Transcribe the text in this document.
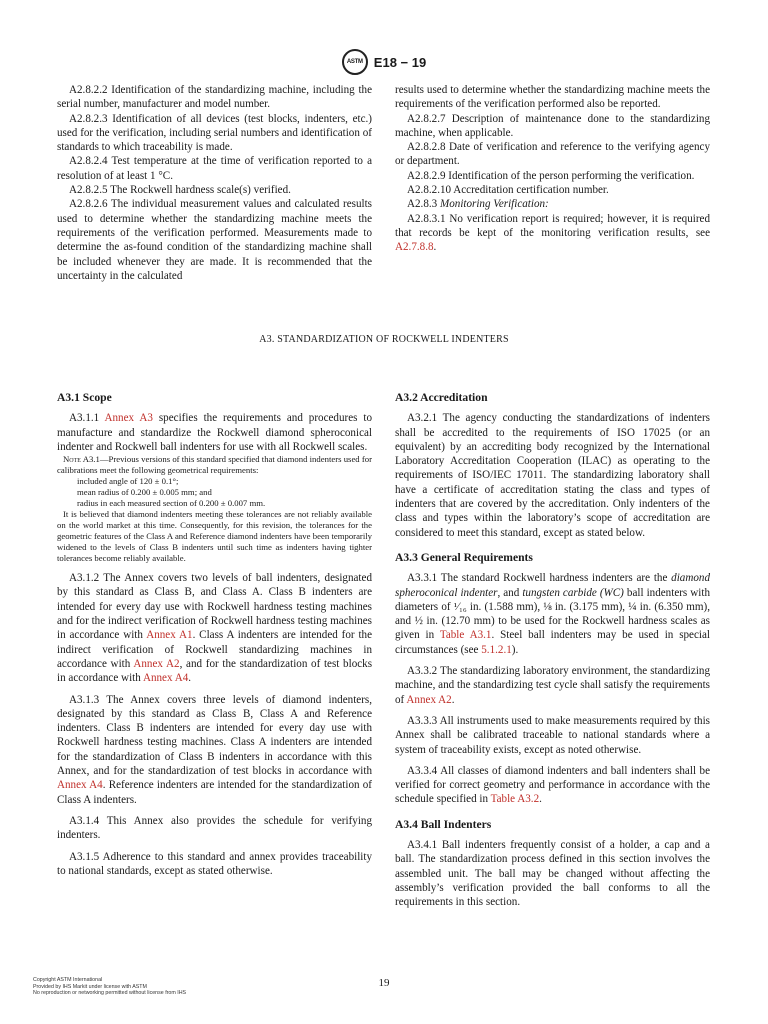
ASTM E18 − 19

A2.8.2.2 Identification of the standardizing machine, including the serial number, manufacturer and model number.

A2.8.2.3 Identification of all devices (test blocks, indenters, etc.) used for the verification, including serial numbers and identification of standards to which traceability is made.

A2.8.2.4 Test temperature at the time of verification reported to a resolution of at least 1 °C.

A2.8.2.5 The Rockwell hardness scale(s) verified.

A2.8.2.6 The individual measurement values and calculated results used to determine whether the standardizing machine meets the requirements of the verification performed. Measurements made to determine the as-found condition of the standardizing machine shall be included whenever they are made. It is recommended that the uncertainty in the calculated

results used to determine whether the standardizing machine meets the requirements of the verification performed also be reported.

A2.8.2.7 Description of maintenance done to the standardizing machine, when applicable.

A2.8.2.8 Date of verification and reference to the verifying agency or department.

A2.8.2.9 Identification of the person performing the verification.

A2.8.2.10 Accreditation certification number.

A2.8.3 Monitoring Verification:

A2.8.3.1 No verification report is required; however, it is required that records be kept of the monitoring verification results, see A2.7.8.8.

A3. STANDARDIZATION OF ROCKWELL INDENTERS
A3.1 Scope

A3.1.1 Annex A3 specifies the requirements and procedures to manufacture and standardize the Rockwell diamond spheroconical indenter and Rockwell ball indenters for use with all Rockwell scales.

Note A3.1—Previous versions of this standard specified that diamond indenters used for calibrations meet the following geometrical requirements:

included angle of 120 ± 0.1°;

mean radius of 0.200 ± 0.005 mm; and

radius in each measured section of 0.200 ± 0.007 mm.

It is believed that diamond indenters meeting these tolerances are not reliably available on the world market at this time. Consequently, for this revision, the tolerances for the geometric features of the Class A and Reference diamond indenters have been temporarily widened to the levels of Class B indenters until such time as indenters having tighter tolerances become reliably available.

A3.1.2 The Annex covers two levels of ball indenters, designated by this standard as Class B, and Class A. Class B indenters are intended for every day use with Rockwell hardness testing machines and for the indirect verification of Rockwell hardness testing machines in accordance with Annex A1. Class A indenters are intended for the indirect verification of Rockwell standardizing machines in accordance with Annex A2, and for the standardization of test blocks in accordance with Annex A4.

A3.1.3 The Annex covers three levels of diamond indenters, designated by this standard as Class B, Class A and Reference indenters. Class B indenters are intended for every day use with Rockwell hardness testing machines. Class A indenters are intended for the standardization of Class B indenters in accordance with this Annex, and for the standardization of test blocks in accordance with Annex A4. Reference indenters are intended for the standardization of Class A indenters.

A3.1.4 This Annex also provides the schedule for verifying indenters.

A3.1.5 Adherence to this standard and annex provides traceability to national standards, except as stated otherwise.

A3.2 Accreditation

A3.2.1 The agency conducting the standardizations of indenters shall be accredited to the requirements of ISO 17025 (or an equivalent) by an accrediting body recognized by the International Laboratory Accreditation Cooperation (ILAC) as operating to the requirements of ISO/IEC 17011. The standardizing laboratory shall have a certificate of accreditation stating the class and types of indenters that are covered by the accreditation. Only indenters of the class and types within the laboratory’s scope of accreditation are considered to meet this standard, except as stated below.

A3.3 General Requirements

A3.3.1 The standard Rockwell hardness indenters are the diamond spheroconical indenter, and tungsten carbide (WC) ball indenters with diameters of ¹⁄₁₆ in. (1.588 mm), ⅛ in. (3.175 mm), ¼ in. (6.350 mm), and ½ in. (12.70 mm) to be used for the Rockwell hardness scales as given in Table A3.1. Steel ball indenters may be used in special circumstances (see 5.1.2.1).

A3.3.2 The standardizing laboratory environment, the standardizing machine, and the standardizing test cycle shall satisfy the requirements of Annex A2.

A3.3.3 All instruments used to make measurements required by this Annex shall be calibrated traceable to national standards where a system of traceability exists, except as noted otherwise.

A3.3.4 All classes of diamond indenters and ball indenters shall be verified for correct geometry and performance in accordance with the schedule specified in Table A3.2.

A3.4 Ball Indenters

A3.4.1 Ball indenters frequently consist of a holder, a cap and a ball. The standardization process defined in this section involves the assembled unit. The ball may be changed without affecting the assembly’s verification provided the ball conforms to all the requirements in this section.

Copyright ASTM International
Provided by IHS Markit under license with ASTM
No reproduction or networking permitted without license from IHS
19
